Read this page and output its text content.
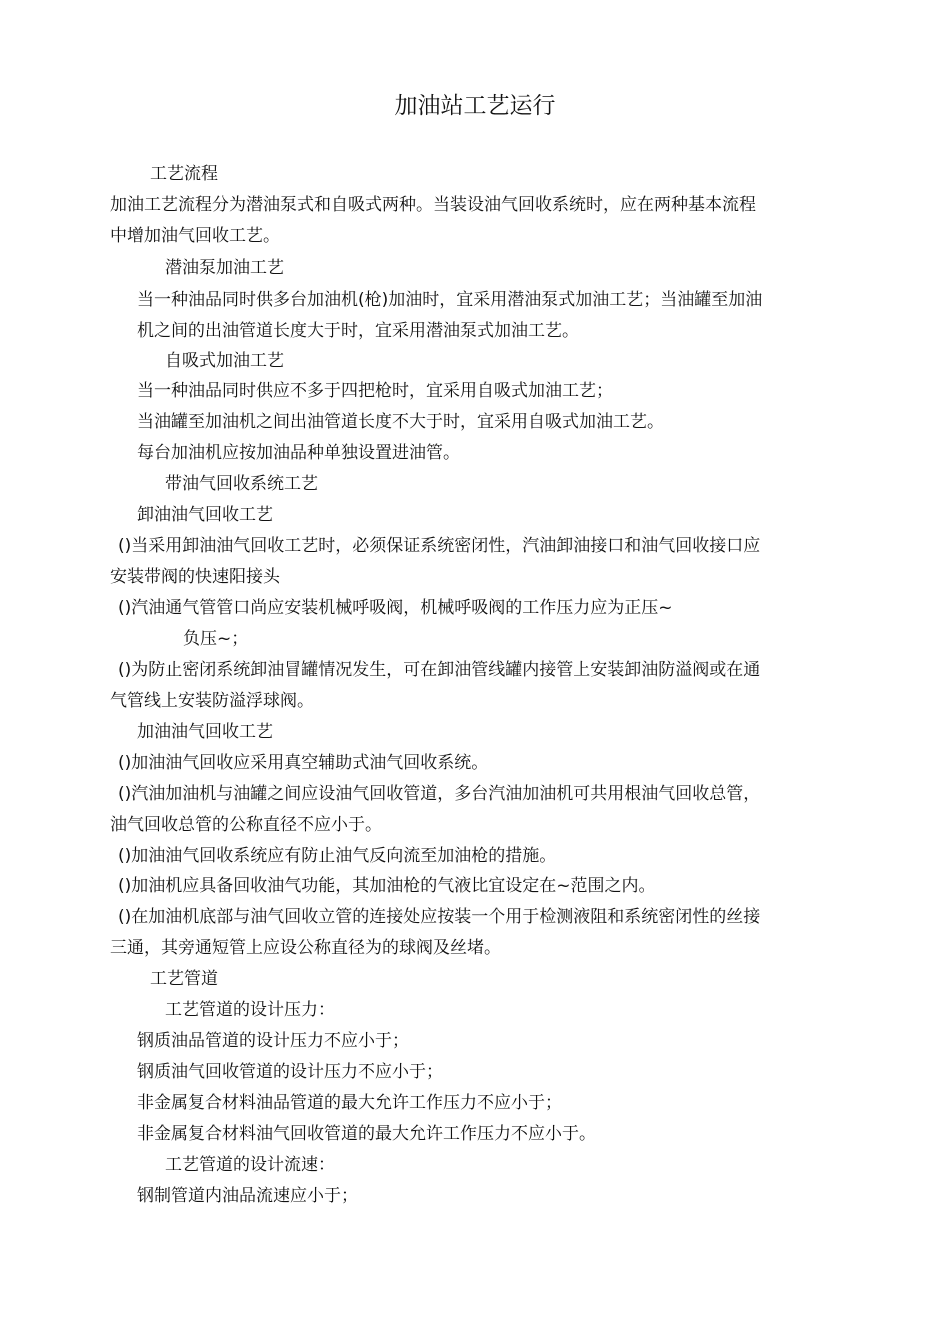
加油站工艺运行
工艺流程
加油工艺流程分为潜油泵式和自吸式两种。当装设油气回收系统时，应在两种基本流程
中增加油气回收工艺。
潜油泵加油工艺
当一种油品同时供多台加油机(枪)加油时，宜采用潜油泵式加油工艺；当油罐至加油
机之间的出油管道长度大于时，宜采用潜油泵式加油工艺。
自吸式加油工艺
当一种油品同时供应不多于四把枪时，宜采用自吸式加油工艺；
当油罐至加油机之间出油管道长度不大于时，宜采用自吸式加油工艺。
每台加油机应按加油品种单独设置进油管。
带油气回收系统工艺
卸油油气回收工艺
()当采用卸油油气回收工艺时，必须保证系统密闭性，汽油卸油接口和油气回收接口应
安装带阀的快速阳接头
()汽油通气管管口尚应安装机械呼吸阀，机械呼吸阀的工作压力应为正压~
负压~；
()为防止密闭系统卸油冒罐情况发生，可在卸油管线罐内接管上安装卸油防溢阀或在通
气管线上安装防溢浮球阀。
加油油气回收工艺
()加油油气回收应采用真空辅助式油气回收系统。
()汽油加油机与油罐之间应设油气回收管道，多台汽油加油机可共用根油气回收总管，
油气回收总管的公称直径不应小于。
()加油油气回收系统应有防止油气反向流至加油枪的措施。
()加油机应具备回收油气功能，其加油枪的气液比宜设定在~范围之内。
()在加油机底部与油气回收立管的连接处应按装一个用于检测液阻和系统密闭性的丝接
三通，其旁通短管上应设公称直径为的球阀及丝堵。
工艺管道
工艺管道的设计压力：
钢质油品管道的设计压力不应小于；
钢质油气回收管道的设计压力不应小于；
非金属复合材料油品管道的最大允许工作压力不应小于；
非金属复合材料油气回收管道的最大允许工作压力不应小于。
工艺管道的设计流速：
钢制管道内油品流速应小于；
